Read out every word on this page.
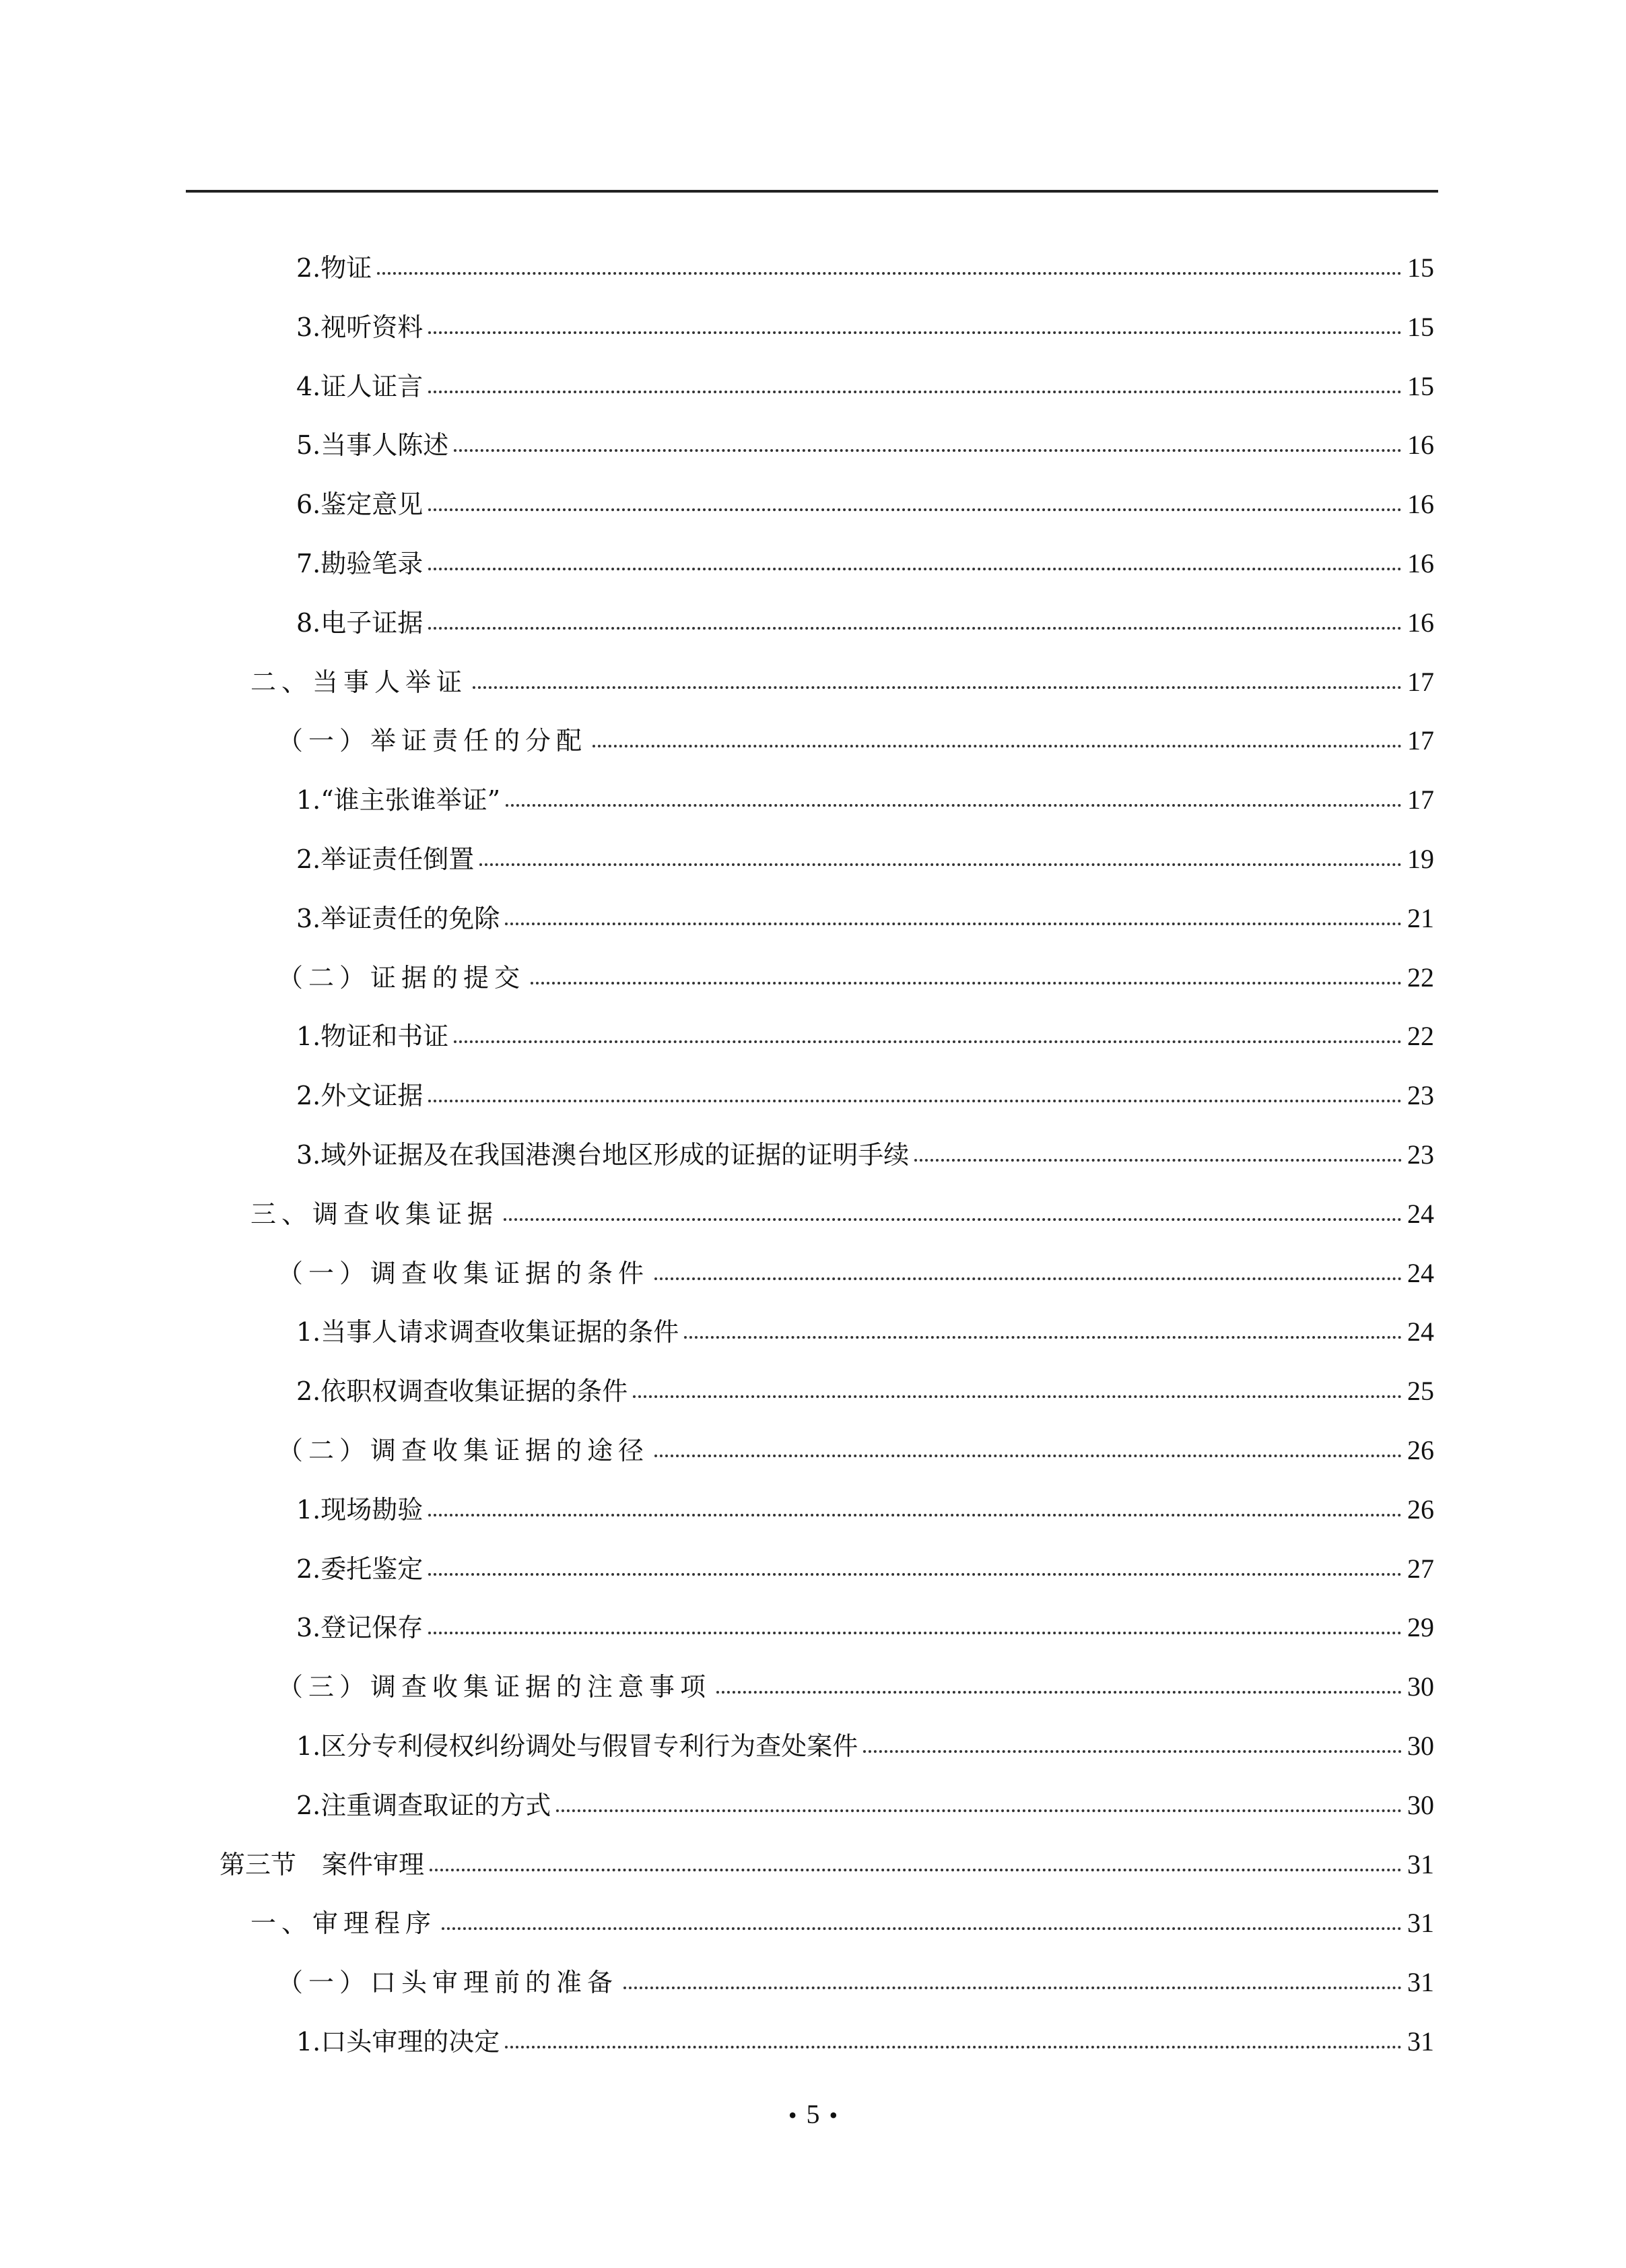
2.物证	15
3.视听资料	15
4.证人证言	15
5.当事人陈述	16
6.鉴定意见	16
7.勘验笔录	16
8.电子证据	16
二、当事人举证	17
（一）举证责任的分配	17
1.“谁主张谁举证”	17
2.举证责任倒置	19
3.举证责任的免除	21
（二）证据的提交	22
1.物证和书证	22
2.外文证据	23
3.域外证据及在我国港澳台地区形成的证据的证明手续	23
三、调查收集证据	24
（一）调查收集证据的条件	24
1.当事人请求调查收集证据的条件	24
2.依职权调查收集证据的条件	25
（二）调查收集证据的途径	26
1.现场勘验	26
2.委托鉴定	27
3.登记保存	29
（三）调查收集证据的注意事项	30
1.区分专利侵权纠纷调处与假冒专利行为查处案件	30
2.注重调查取证的方式	30
第三节　案件审理	31
一、审理程序	31
（一）口头审理前的准备	31
1.口头审理的决定	31
• 5 •
